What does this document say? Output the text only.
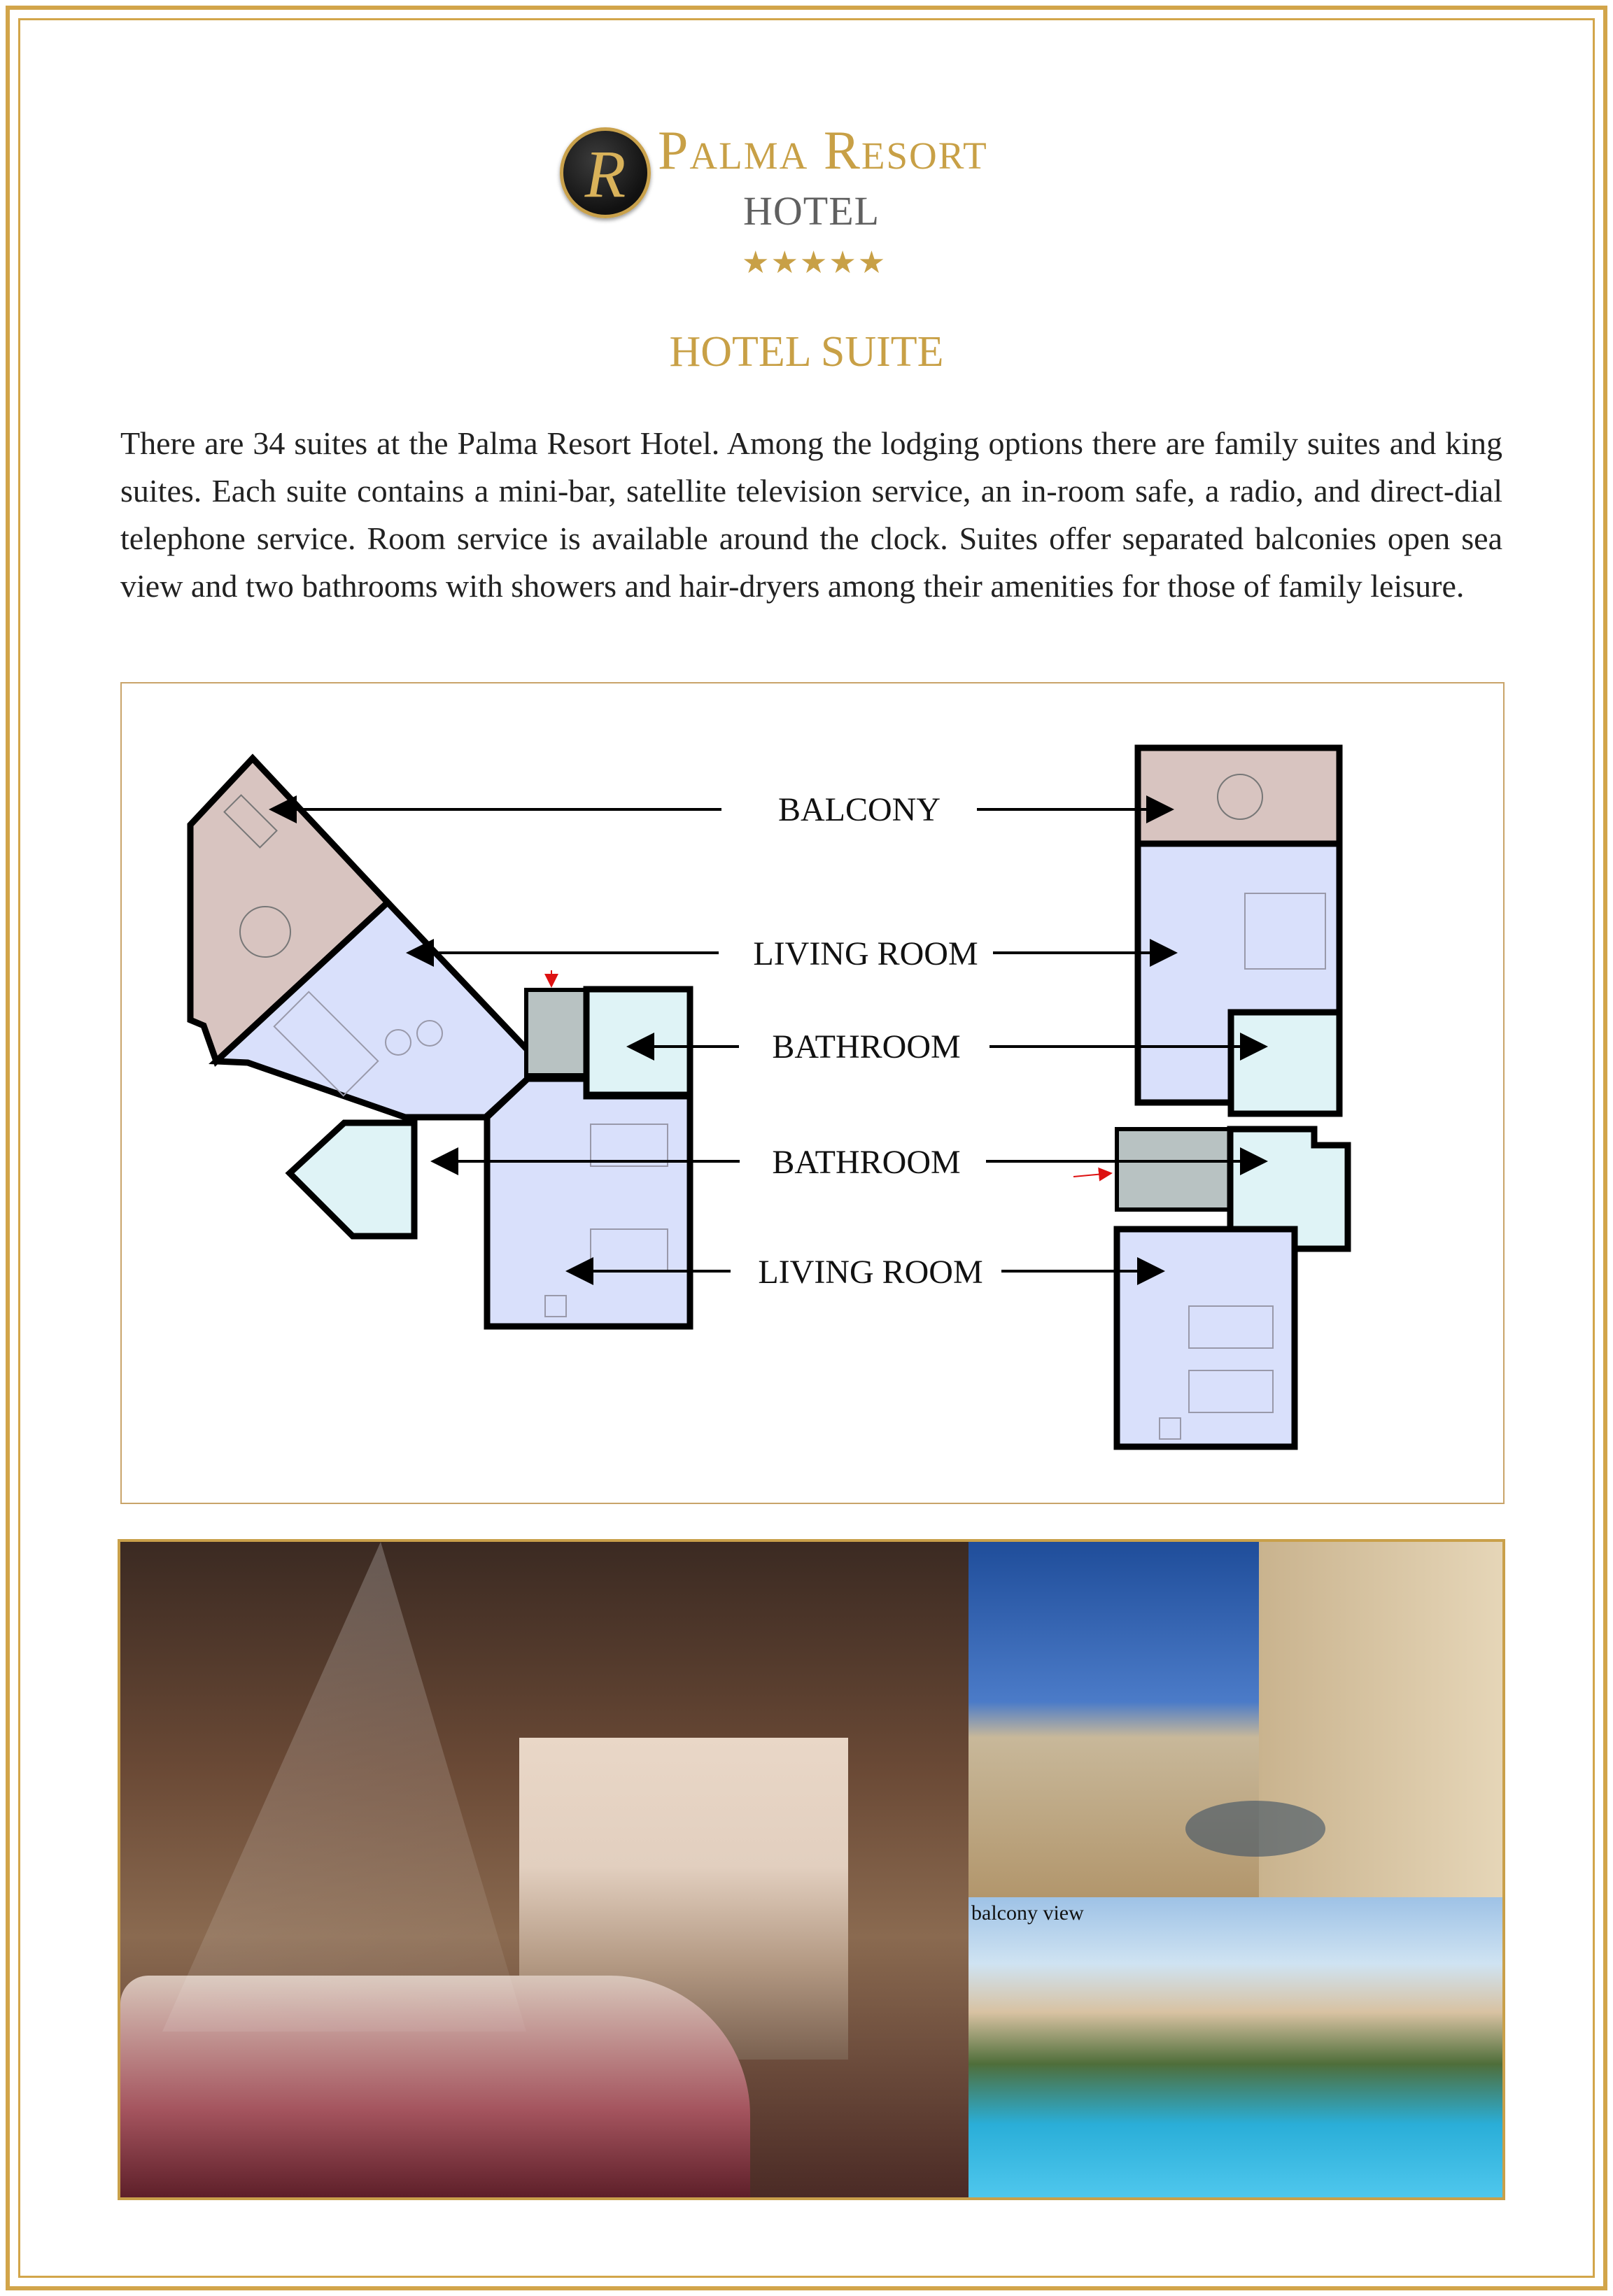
R Palma Resort
HOTEL
★★★★★
HOTEL SUITE
There are 34 suites at the Palma Resort Hotel. Among the lodging options there are family suites and king suites. Each suite contains a mini-bar, satellite television service, an in-room safe, a radio, and direct-dial telephone service. Room service is available around the clock. Suites offer separated balconies open sea view and two bathrooms with showers and hair-dryers among their amenities for those of family leisure.
BALCONY
LIVING ROOM
BATHROOM
BATHROOM
LIVING ROOM
balcony view
